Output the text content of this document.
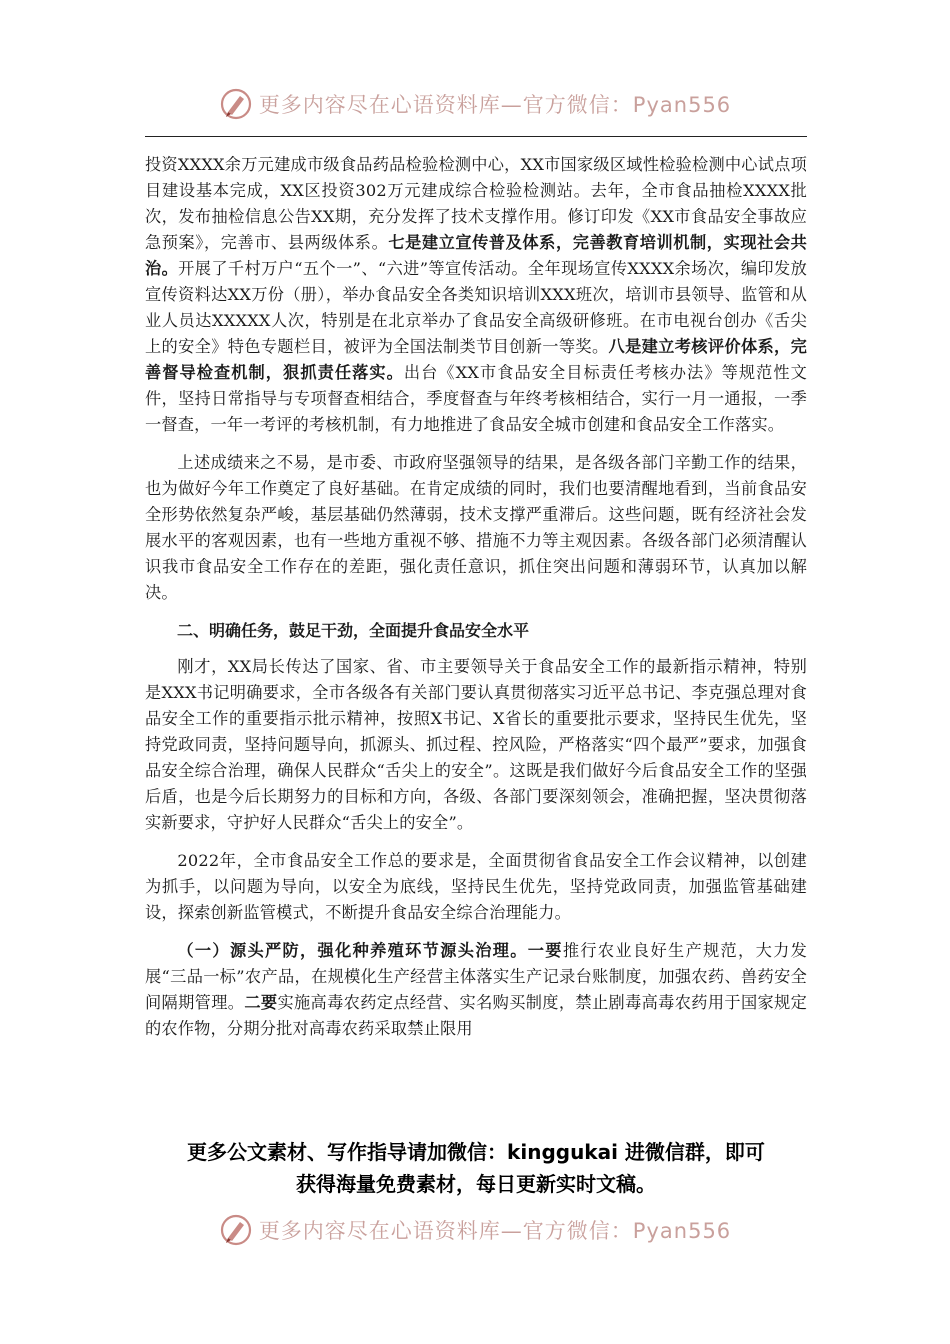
更多内容尽在心语资料库—官方微信：Pyan556

投资XXXX余万元建成市级食品药品检验检测中心，XX市国家级区域性检验检测中心试点项目建设基本完成，XX区投资302万元建成综合检验检测站。去年，全市食品抽检XXXX批次，发布抽检信息公告XX期，充分发挥了技术支撑作用。修订印发《XX市食品安全事故应急预案》，完善市、县两级体系。七是建立宣传普及体系，完善教育培训机制，实现社会共治。开展了千村万户“五个一”、“六进”等宣传活动。全年现场宣传XXXX余场次，编印发放宣传资料达XX万份（册），举办食品安全各类知识培训XXX班次，培训市县领导、监管和从业人员达XXXXX人次，特别是在北京举办了食品安全高级研修班。在市电视台创办《舌尖上的安全》特色专题栏目，被评为全国法制类节目创新一等奖。八是建立考核评价体系，完善督导检查机制，狠抓责任落实。出台《XX市食品安全目标责任考核办法》等规范性文件，坚持日常指导与专项督查相结合，季度督查与年终考核相结合，实行一月一通报，一季一督查，一年一考评的考核机制，有力地推进了食品安全城市创建和食品安全工作落实。

上述成绩来之不易，是市委、市政府坚强领导的结果，是各级各部门辛勤工作的结果，也为做好今年工作奠定了良好基础。在肯定成绩的同时，我们也要清醒地看到，当前食品安全形势依然复杂严峻，基层基础仍然薄弱，技术支撑严重滞后。这些问题，既有经济社会发展水平的客观因素，也有一些地方重视不够、措施不力等主观因素。各级各部门必须清醒认识我市食品安全工作存在的差距，强化责任意识，抓住突出问题和薄弱环节，认真加以解决。

二、明确任务，鼓足干劲，全面提升食品安全水平

刚才，XX局长传达了国家、省、市主要领导关于食品安全工作的最新指示精神，特别是XXX书记明确要求，全市各级各有关部门要认真贯彻落实习近平总书记、李克强总理对食品安全工作的重要指示批示精神，按照X书记、X省长的重要批示要求，坚持民生优先，坚持党政同责，坚持问题导向，抓源头、抓过程、控风险，严格落实“四个最严”要求，加强食品安全综合治理，确保人民群众“舌尖上的安全”。这既是我们做好今后食品安全工作的坚强后盾，也是今后长期努力的目标和方向，各级、各部门要深刻领会，准确把握，坚决贯彻落实新要求，守护好人民群众“舌尖上的安全”。

2022年，全市食品安全工作总的要求是，全面贯彻省食品安全工作会议精神，以创建为抓手，以问题为导向，以安全为底线，坚持民生优先，坚持党政同责，加强监管基础建设，探索创新监管模式，不断提升食品安全综合治理能力。

（一）源头严防，强化种养殖环节源头治理。一要推行农业良好生产规范，大力发展“三品一标”农产品，在规模化生产经营主体落实生产记录台账制度，加强农药、兽药安全间隔期管理。二要实施高毒农药定点经营、实名购买制度，禁止剧毒高毒农药用于国家规定的农作物，分期分批对高毒农药采取禁止限用

更多公文素材、写作指导请加微信：kinggukai 进微信群，即可
获得海量免费素材，每日更新实时文稿。
更多内容尽在心语资料库—官方微信：Pyan556
